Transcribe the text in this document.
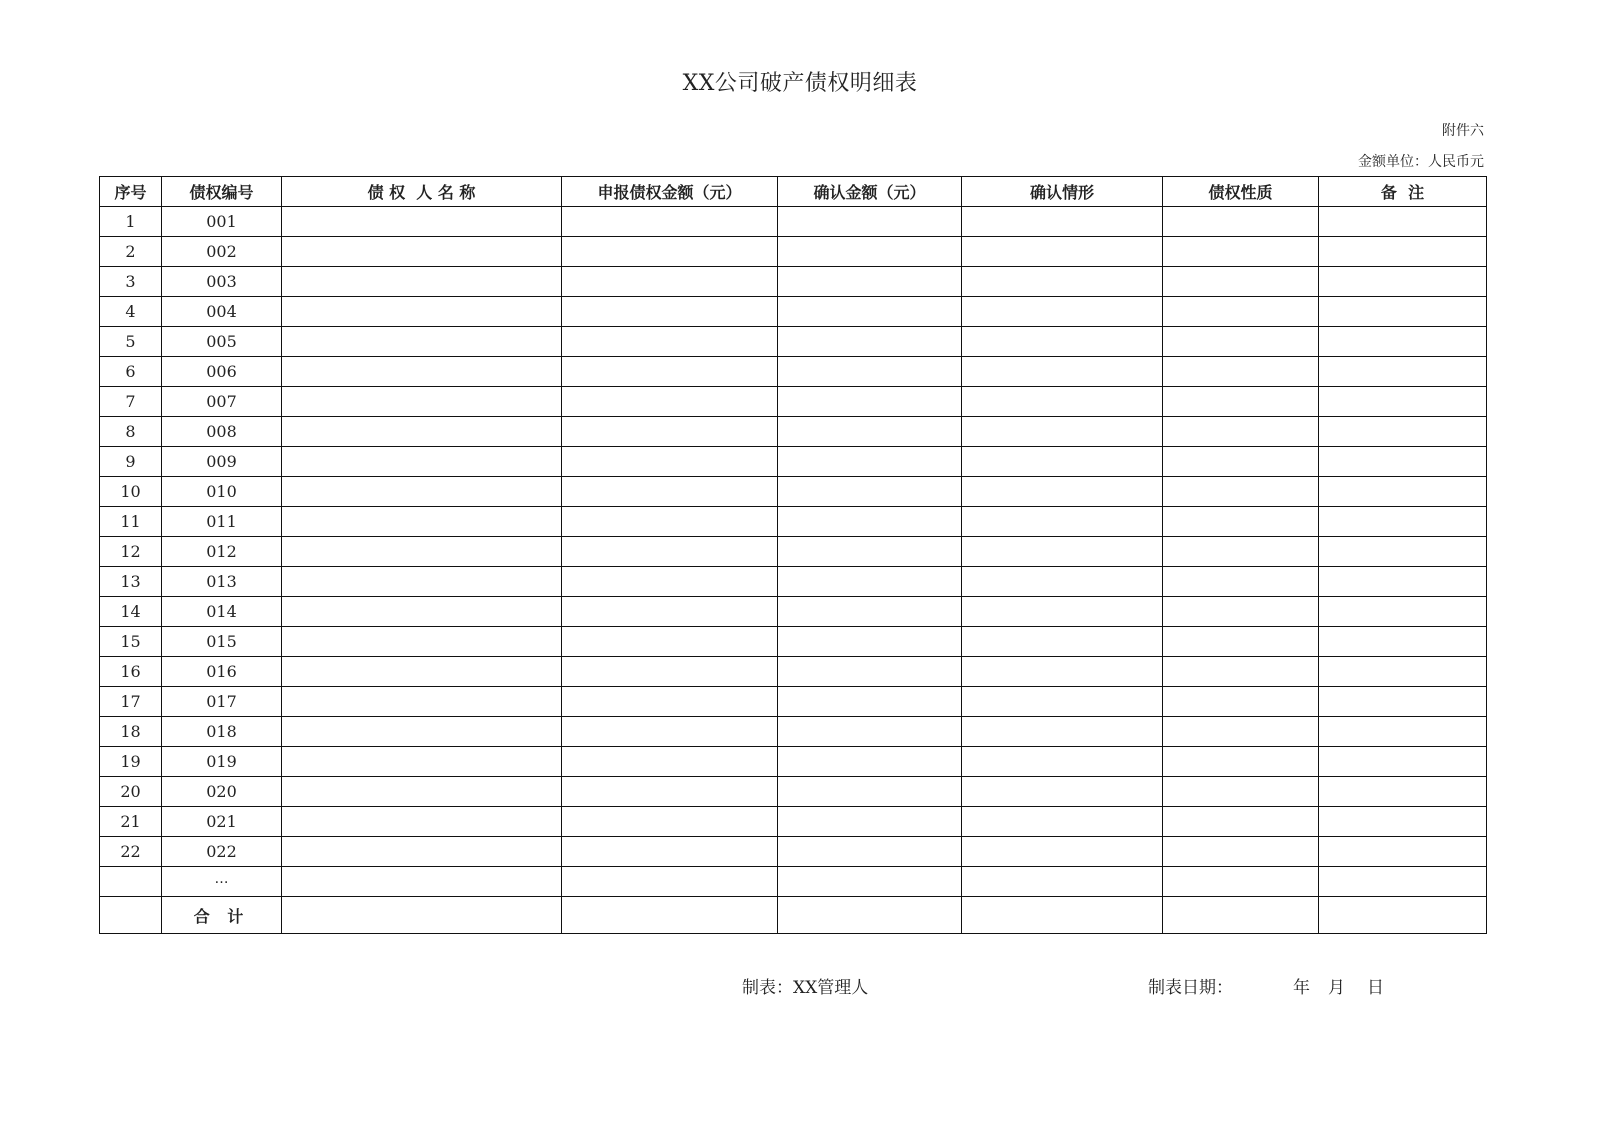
XX公司破产债权明细表
附件六
金额单位：人民币元
序号	债权编号	债 权  人 名 称	申报债权金额（元）	确认金额（元）	确认情形	债权性质	备  注
1	001						
2	002						
3	003						
4	004						
5	005						
6	006						
7	007						
8	008						
9	009						
10	010						
11	011						
12	012						
13	013						
14	014						
15	015						
16	016						
17	017						
18	018						
19	019						
20	020						
21	021						
22	022						
	…						
	合 计						
制表：XX管理人	制表日期：	年 月 日
